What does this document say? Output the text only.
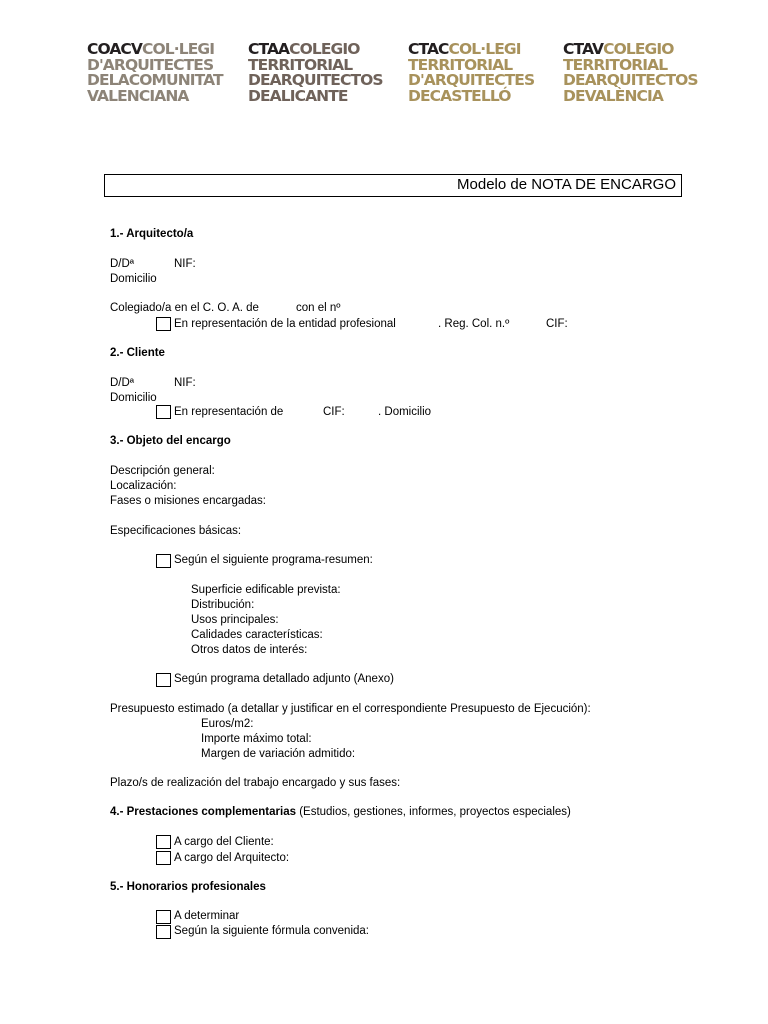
COACVCOL·LEGI
D'ARQUITECTES
DELACOMUNITAT
VALENCIANA
CTAACOLEGIO
TERRITORIAL
DEARQUITECTOS
DEALICANTE
CTACCOL·LEGI
TERRITORIAL
D'ARQUITECTES
DECASTELLÓ
CTAVCOLEGIO
TERRITORIAL
DEARQUITECTOS
DEVALÈNCIA
Modelo de NOTA DE ENCARGO
1.- Arquitecto/a
D/Dª	NIF:
Domicilio
Colegiado/a en el C. O. A. de	con el nº
En representación de la entidad profesional	. Reg. Col. n.º	CIF:
2.- Cliente
D/Dª	NIF:
Domicilio
En representación de	CIF:	. Domicilio
3.- Objeto del encargo
Descripción general:
Localización:
Fases o misiones encargadas:
Especificaciones básicas:
Según el siguiente programa-resumen:
Superficie edificable prevista:
Distribución:
Usos principales:
Calidades características:
Otros datos de interés:
Según programa detallado adjunto (Anexo)
Presupuesto estimado (a detallar y justificar en el correspondiente Presupuesto de Ejecución):
Euros/m2:
Importe máximo total:
Margen de variación admitido:
Plazo/s de realización del trabajo encargado y sus fases:
4.- Prestaciones complementarias (Estudios, gestiones, informes, proyectos especiales)
A cargo del Cliente:
A cargo del Arquitecto:
5.- Honorarios profesionales
A determinar
Según la siguiente fórmula convenida:
